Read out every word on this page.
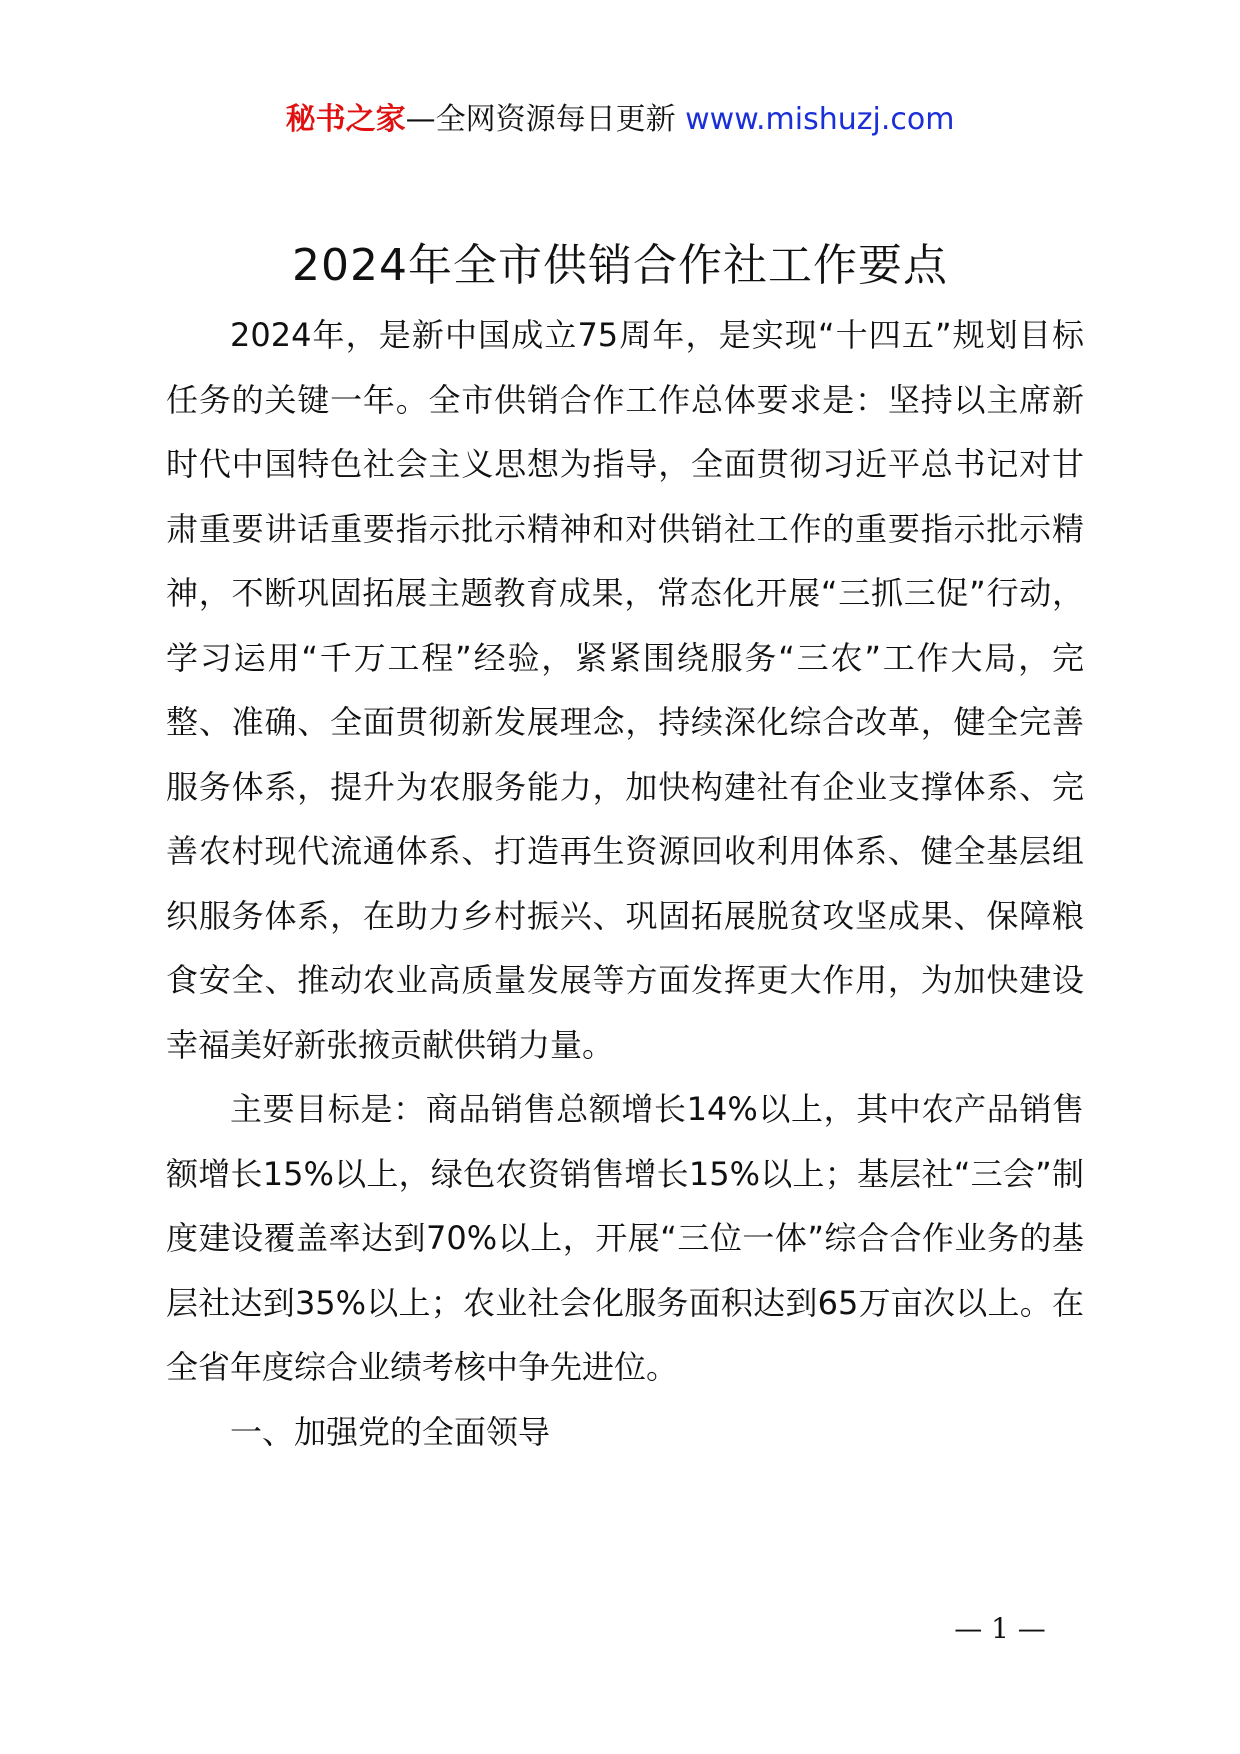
秘书之家—全网资源每日更新 www.mishuzj.com
2024年全市供销合作社工作要点

2024年，是新中国成立75周年，是实现“十四五”规划目标任务的关键一年。全市供销合作工作总体要求是：坚持以主席新时代中国特色社会主义思想为指导，全面贯彻习近平总书记对甘肃重要讲话重要指示批示精神和对供销社工作的重要指示批示精神，不断巩固拓展主题教育成果，常态化开展“三抓三促”行动，学习运用“千万工程”经验，紧紧围绕服务“三农”工作大局，完整、准确、全面贯彻新发展理念，持续深化综合改革，健全完善服务体系，提升为农服务能力，加快构建社有企业支撑体系、完善农村现代流通体系、打造再生资源回收利用体系、健全基层组织服务体系，在助力乡村振兴、巩固拓展脱贫攻坚成果、保障粮食安全、推动农业高质量发展等方面发挥更大作用，为加快建设幸福美好新张掖贡献供销力量。

主要目标是：商品销售总额增长14%以上，其中农产品销售额增长15%以上，绿色农资销售增长15%以上；基层社“三会”制度建设覆盖率达到70%以上，开展“三位一体”综合合作业务的基层社达到35%以上；农业社会化服务面积达到65万亩次以上。在全省年度综合业绩考核中争先进位。

一、加强党的全面领导

— 1 —
